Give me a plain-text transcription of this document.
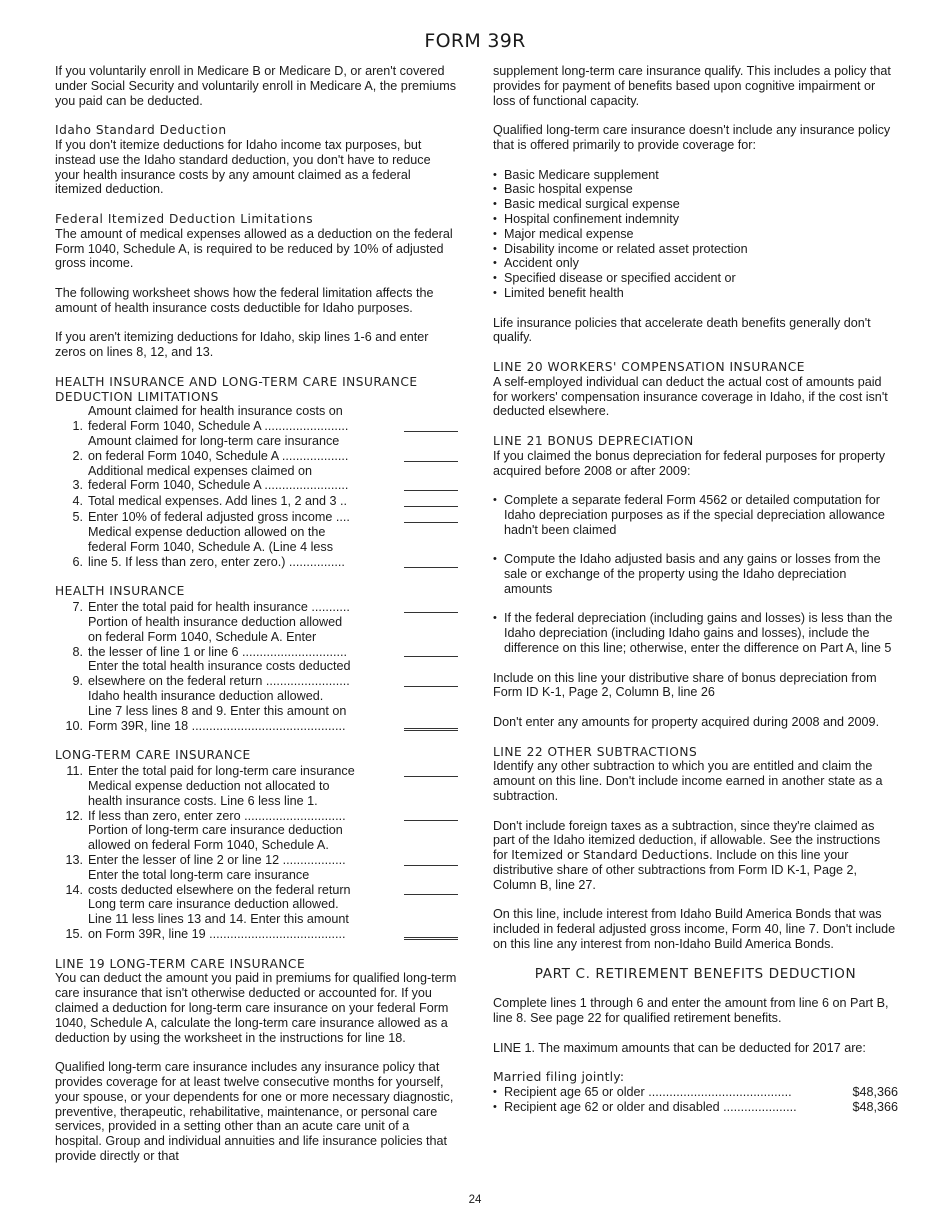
FORM 39R

If you voluntarily enroll in Medicare B or Medicare D, or aren't covered under Social Security and voluntarily enroll in Medicare A, the premiums you paid can be deducted.

Idaho Standard Deduction

If you don't itemize deductions for Idaho income tax purposes, but instead use the Idaho standard deduction, you don't have to reduce your health insurance costs by any amount claimed as a federal itemized deduction.

Federal Itemized Deduction Limitations

The amount of medical expenses allowed as a deduction on the federal Form 1040, Schedule A, is required to be reduced by 10% of adjusted gross income.

The following worksheet shows how the federal limitation affects the amount of health insurance costs deductible for Idaho purposes.

If you aren't itemizing deductions for Idaho, skip lines 1-6 and enter zeros on lines 8, 12, and 13.

HEALTH INSURANCE AND LONG-TERM CARE INSURANCE
DEDUCTION LIMITATIONS
1.
Amount claimed for health insurance costs on
federal Form 1040, Schedule A ........................
2.
Amount claimed for long-term care insurance
on federal Form 1040, Schedule A ...................
3.
Additional medical expenses claimed on
federal Form 1040, Schedule A ........................
4. Total medical expenses. Add lines 1, 2 and 3 ..
5. Enter 10% of federal adjusted gross income ....
6.
Medical expense deduction allowed on the
federal Form 1040, Schedule A. (Line 4 less
line 5. If less than zero, enter zero.) ................
HEALTH INSURANCE
7. Enter the total paid for health insurance ...........
8.
Portion of health insurance deduction allowed
on federal Form 1040, Schedule A. Enter
the lesser of line 1 or line 6 ..............................
9.
Enter the total health insurance costs deducted
elsewhere on the federal return ........................
10.
Idaho health insurance deduction allowed.
Line 7 less lines 8 and 9. Enter this amount on
Form 39R, line 18 ............................................
LONG-TERM CARE INSURANCE
11. Enter the total paid for long-term care insurance
12.
Medical expense deduction not allocated to
health insurance costs. Line 6 less line 1.
If less than zero, enter zero .............................
13.
Portion of long-term care insurance deduction
allowed on federal Form 1040, Schedule A.
Enter the lesser of line 2 or line 12 ..................
14.
Enter the total long-term care insurance
costs deducted elsewhere on the federal return
15.
Long term care insurance deduction allowed.
Line 11 less lines 13 and 14. Enter this amount
on Form 39R, line 19 .......................................
LINE 19 LONG-TERM CARE INSURANCE

You can deduct the amount you paid in premiums for qualified long-term care insurance that isn't otherwise deducted or accounted for. If you claimed a deduction for long-term care insurance on your federal Form 1040, Schedule A, calculate the long-term care insurance allowed as a deduction by using the worksheet in the instructions for line 18.

Qualified long-term care insurance includes any insurance policy that provides coverage for at least twelve consecutive months for yourself, your spouse, or your dependents for one or more necessary diagnostic, preventive, therapeutic, rehabilitative, maintenance, or personal care services, provided in a setting other than an acute care unit of a hospital. Group and individual annuities and life insurance policies that provide directly or that

supplement long-term care insurance qualify. This includes a policy that provides for payment of benefits based upon cognitive impairment or loss of functional capacity.

Qualified long-term care insurance doesn't include any insurance policy that is offered primarily to provide coverage for:

• Basic Medicare supplement
• Basic hospital expense
• Basic medical surgical expense
• Hospital confinement indemnity
• Major medical expense
• Disability income or related asset protection
• Accident only
• Specified disease or specified accident or
• Limited benefit health

Life insurance policies that accelerate death benefits generally don't qualify.

LINE 20 WORKERS' COMPENSATION INSURANCE

A self-employed individual can deduct the actual cost of amounts paid for workers' compensation insurance coverage in Idaho, if the cost isn't deducted elsewhere.

LINE 21 BONUS DEPRECIATION

If you claimed the bonus depreciation for federal purposes for property acquired before 2008 or after 2009:

• Complete a separate federal Form 4562 or detailed computation for Idaho depreciation purposes as if the special depreciation allowance hadn't been claimed
• Compute the Idaho adjusted basis and any gains or losses from the sale or exchange of the property using the Idaho depreciation amounts
• If the federal depreciation (including gains and losses) is less than the Idaho depreciation (including Idaho gains and losses), include the difference on this line; otherwise, enter the difference on Part A, line 5

Include on this line your distributive share of bonus depreciation from Form ID K-1, Page 2, Column B, line 26

Don't enter any amounts for property acquired during 2008 and 2009.

LINE 22 OTHER SUBTRACTIONS

Identify any other subtraction to which you are entitled and claim the amount on this line. Don't include income earned in another state as a subtraction.

Don't include foreign taxes as a subtraction, since they're claimed as part of the Idaho itemized deduction, if allowable. See the instructions for Itemized or Standard Deductions. Include on this line your distributive share of other subtractions from Form ID K-1, Page 2, Column B, line 27.

On this line, include interest from Idaho Build America Bonds that was included in federal adjusted gross income, Form 40, line 7. Don't include on this line any interest from non-Idaho Build America Bonds.

PART C. RETIREMENT BENEFITS DEDUCTION

Complete lines 1 through 6 and enter the amount from line 6 on Part B, line 8. See page 22 for qualified retirement benefits.

LINE 1. The maximum amounts that can be deducted for 2017 are:

Married filing jointly:
• Recipient age 65 or older .........................................	$48,366
• Recipient age 62 or older and disabled .....................	$48,366
24
